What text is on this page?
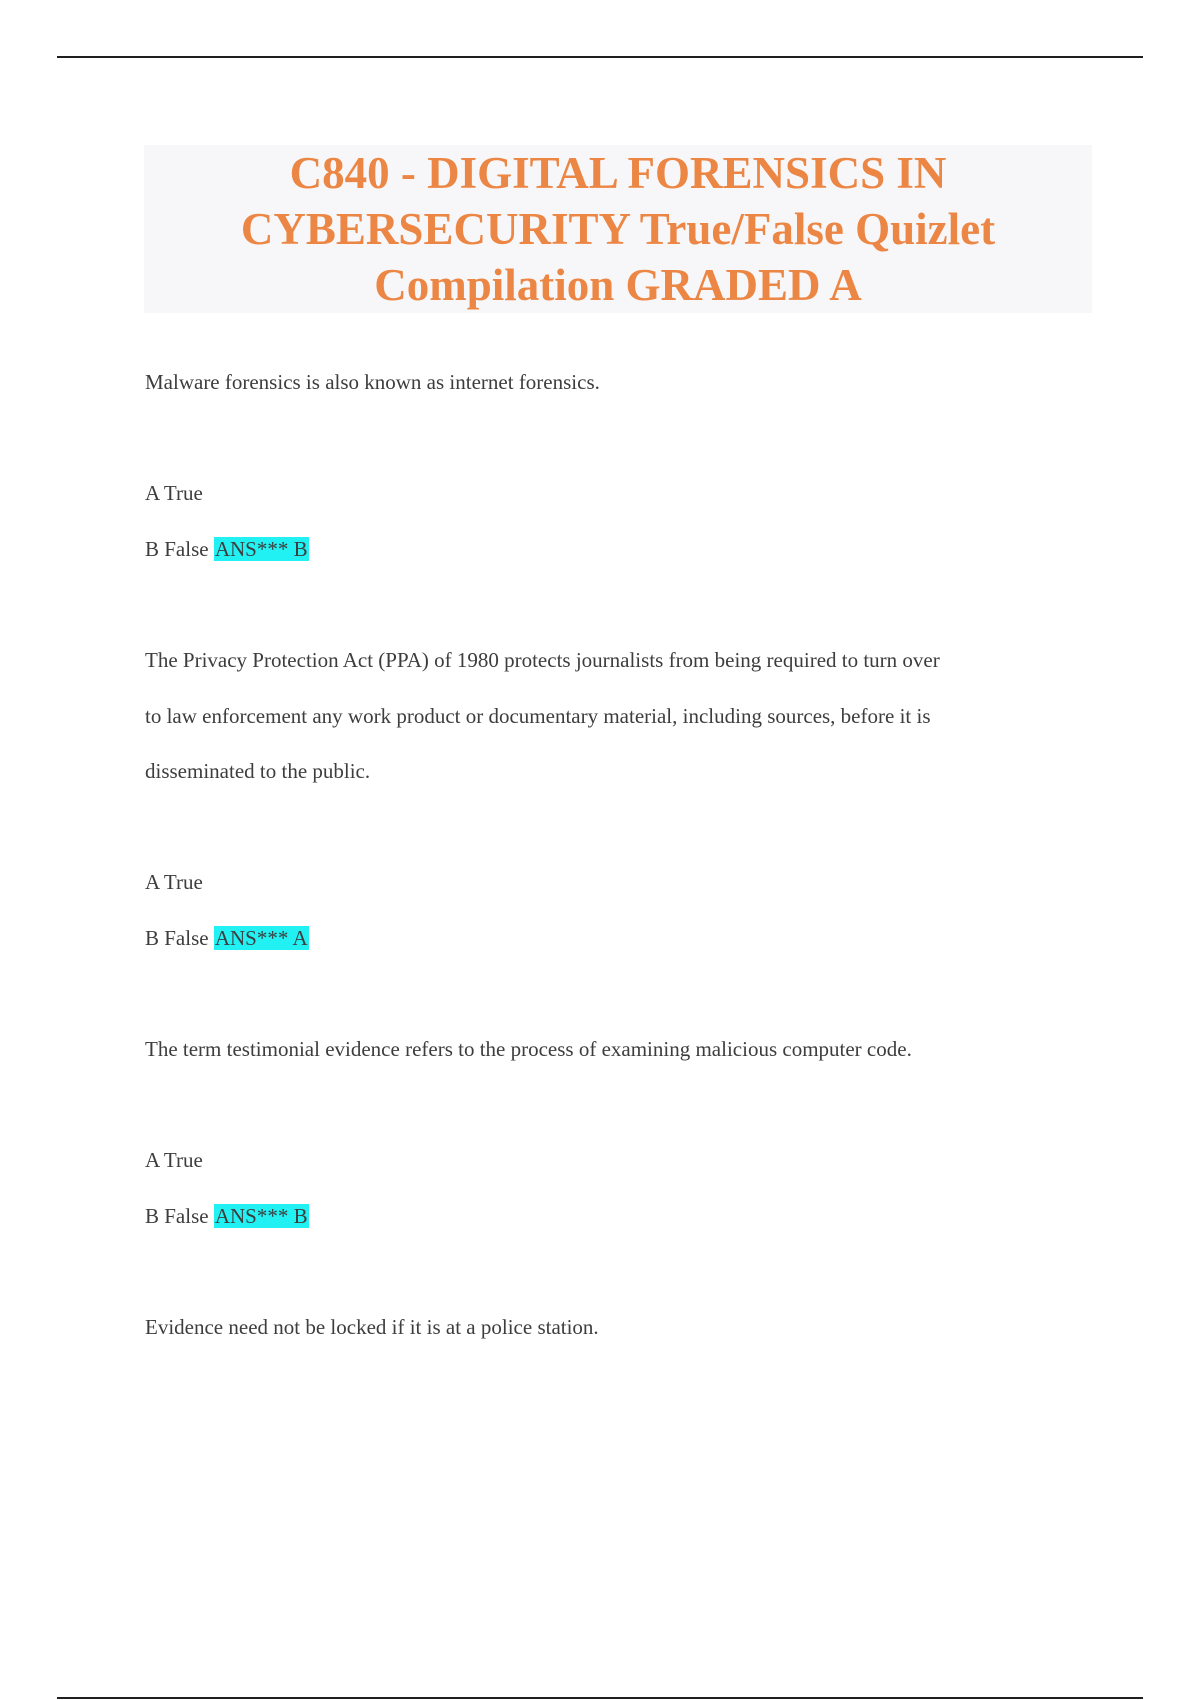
C840 - DIGITAL FORENSICS IN CYBERSECURITY True/False Quizlet Compilation GRADED A
Malware forensics is also known as internet forensics.
A True
B False ANS*** B
The Privacy Protection Act (PPA) of 1980 protects journalists from being required to turn over
to law enforcement any work product or documentary material, including sources, before it is
disseminated to the public.
A True
B False ANS*** A
The term testimonial evidence refers to the process of examining malicious computer code.
A True
B False ANS*** B
Evidence need not be locked if it is at a police station.
